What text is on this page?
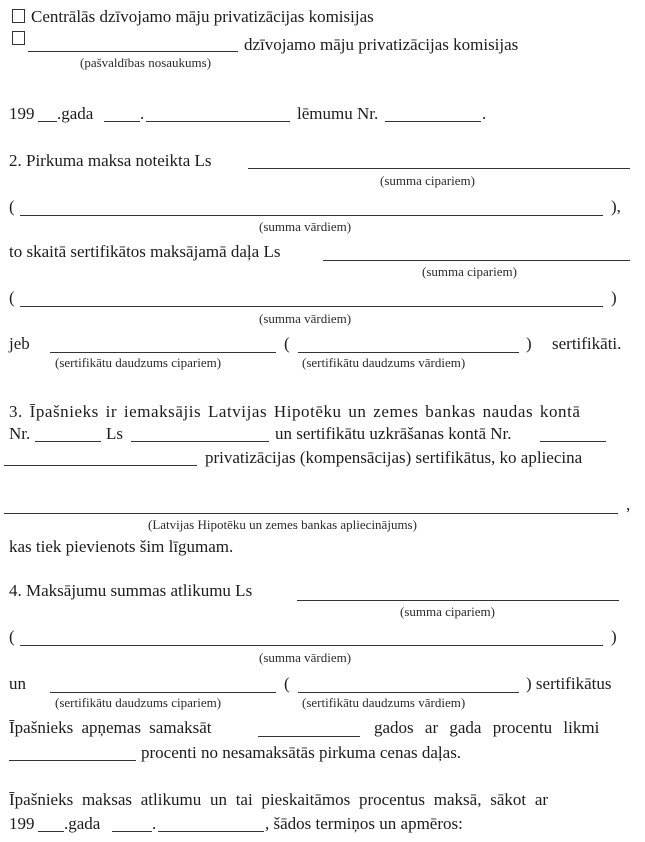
Centrālās dzīvojamo māju privatizācijas komisijas
dzīvojamo māju privatizācijas komisijas
(pašvaldības nosaukums)
199 .gada	.	lēmumu Nr.	.
2. Pirkuma maksa noteikta Ls
(summa cipariem)
(	),
(summa vārdiem)
to skaitā sertifikātos maksājamā daļa Ls
(summa cipariem)
(	)
(summa vārdiem)
jeb	(	) sertifikāti.
(sertifikātu daudzums cipariem)	(sertifikātu daudzums vārdiem)
3. Īpašnieks ir iemaksājis Latvijas Hipotēku un zemes bankas naudas kontā
Nr.	Ls	un sertifikātu uzkrāšanas kontā Nr.
privatizācijas (kompensācijas) sertifikātus, ko apliecina
,
(Latvijas Hipotēku un zemes bankas apliecinājums)
kas tiek pievienots šim līgumam.
4. Maksājumu summas atlikumu Ls
(summa cipariem)
(	)
(summa vārdiem)
un	(	) sertifikātus
(sertifikātu daudzums cipariem)	(sertifikātu daudzums vārdiem)
Īpašnieks apņemas samaksāt	gados ar gada procentu likmi
procenti no nesamaksātās pirkuma cenas daļas.
Īpašnieks maksas atlikumu un tai pieskaitāmos procentus maksā, sākot ar
199 .gada	.	, šādos termiņos un apmēros:
